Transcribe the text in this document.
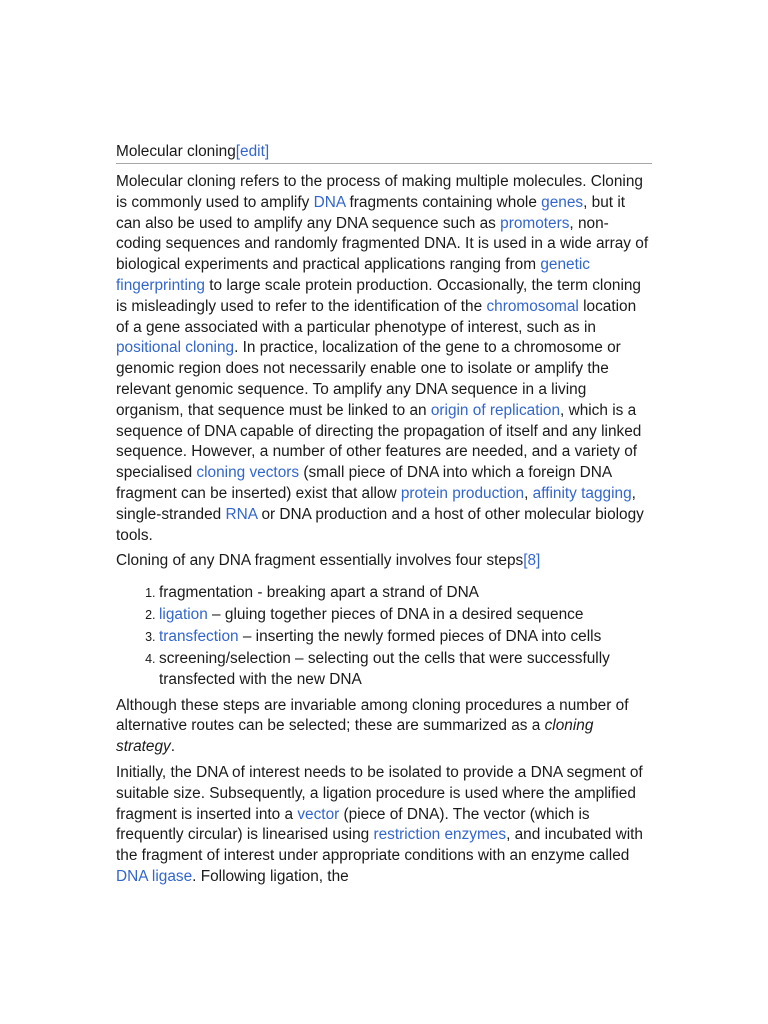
Molecular cloning[edit]

Molecular cloning refers to the process of making multiple molecules. Cloning is commonly used to amplify DNA fragments containing whole genes, but it can also be used to amplify any DNA sequence such as promoters, non-coding sequences and randomly fragmented DNA. It is used in a wide array of biological experiments and practical applications ranging from genetic fingerprinting to large scale protein production. Occasionally, the term cloning is misleadingly used to refer to the identification of the chromosomal location of a gene associated with a particular phenotype of interest, such as in positional cloning. In practice, localization of the gene to a chromosome or genomic region does not necessarily enable one to isolate or amplify the relevant genomic sequence. To amplify any DNA sequence in a living organism, that sequence must be linked to an origin of replication, which is a sequence of DNA capable of directing the propagation of itself and any linked sequence. However, a number of other features are needed, and a variety of specialised cloning vectors (small piece of DNA into which a foreign DNA fragment can be inserted) exist that allow protein production, affinity tagging, single-stranded RNA or DNA production and a host of other molecular biology tools.

Cloning of any DNA fragment essentially involves four steps[8]

1. fragmentation - breaking apart a strand of DNA
2. ligation – gluing together pieces of DNA in a desired sequence
3. transfection – inserting the newly formed pieces of DNA into cells
4. screening/selection – selecting out the cells that were successfully transfected with the new DNA

Although these steps are invariable among cloning procedures a number of alternative routes can be selected; these are summarized as a cloning strategy.

Initially, the DNA of interest needs to be isolated to provide a DNA segment of suitable size. Subsequently, a ligation procedure is used where the amplified fragment is inserted into a vector (piece of DNA). The vector (which is frequently circular) is linearised using restriction enzymes, and incubated with the fragment of interest under appropriate conditions with an enzyme called DNA ligase. Following ligation, the
